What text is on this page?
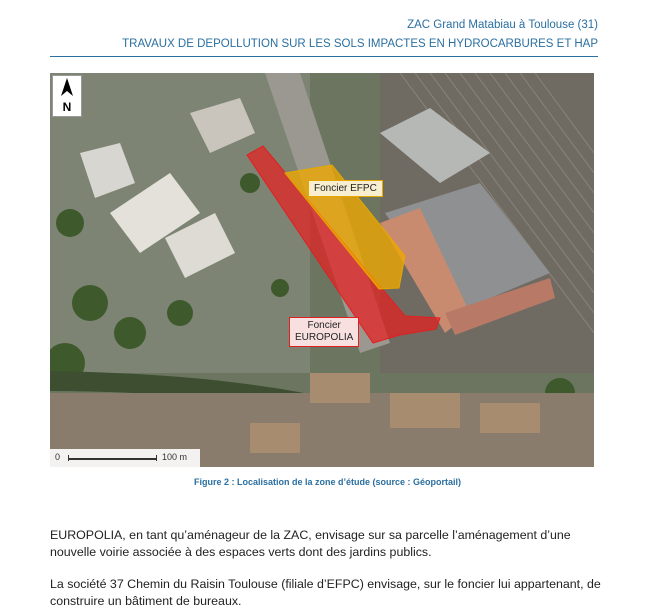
ZAC Grand Matabiau à Toulouse (31)
TRAVAUX DE DEPOLLUTION SUR LES SOLS IMPACTES EN HYDROCARBURES ET HAP
N
Foncier EFPC
Foncier
EUROPOLIA
0	100 m
Figure 2 : Localisation de la zone d’étude (source : Géoportail)

EUROPOLIA, en tant qu’aménageur de la ZAC, envisage sur sa parcelle l’aménagement d’une nouvelle voirie associée à des espaces verts dont des jardins publics.

La société 37 Chemin du Raisin Toulouse (filiale d’EFPC) envisage, sur le foncier lui appartenant, de construire un bâtiment de bureaux.
